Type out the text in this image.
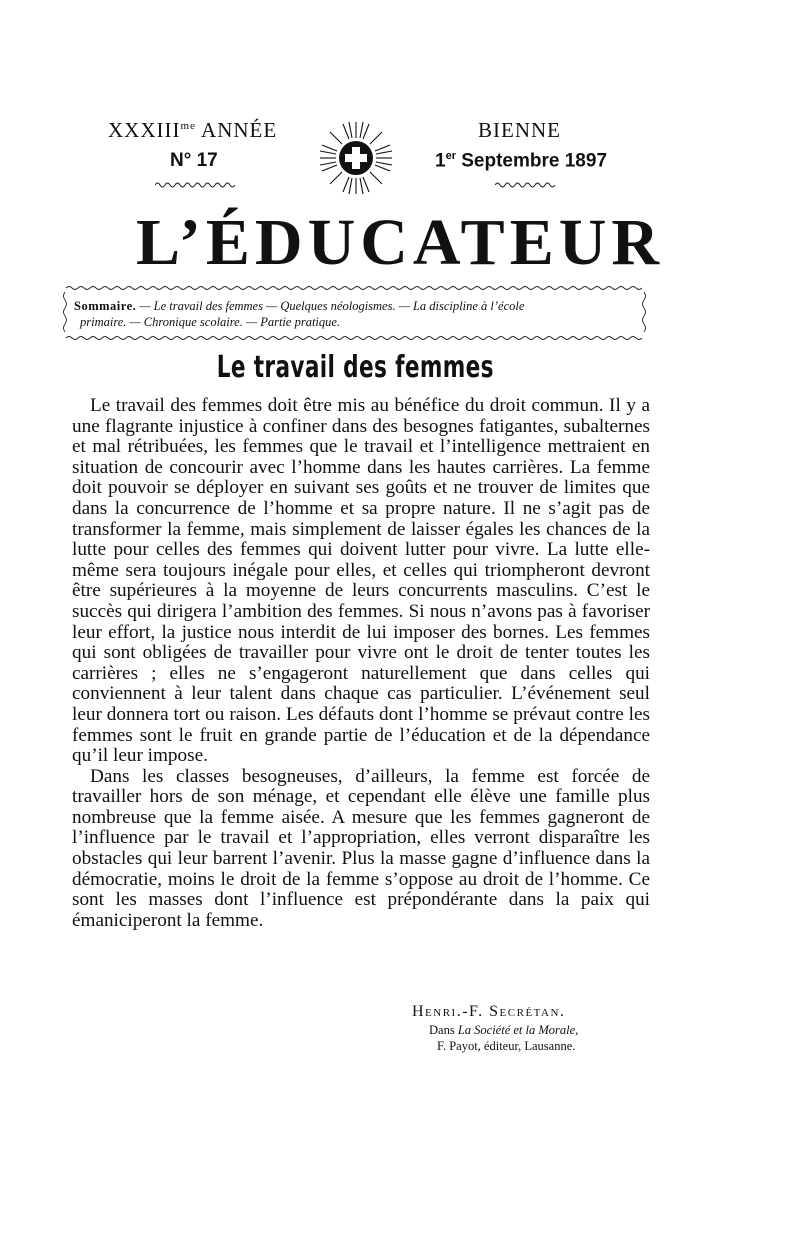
$XXXIII^{me}$ ANNÉE
N° 17
BIENNE
1er Septembre 1897
L’ÉDUCATEUR
Sommaire. — Le travail des femmes — Quelques néologismes. — La discipline à l’école
primaire. — Chronique scolaire. — Partie pratique.
Le travail des femmes

Le travail des femmes doit être mis au bénéfice du droit commun. Il y a une flagrante injustice à confiner dans des besognes fatigantes, subalternes et mal rétribuées, les femmes que le travail et l’intelligence mettraient en situation de concourir avec l’homme dans les hautes carrières. La femme doit pouvoir se déployer en suivant ses goûts et ne trouver de limites que dans la concurrence de l’homme et sa propre nature. Il ne s’agit pas de transformer la femme, mais simplement de laisser égales les chances de la lutte pour celles des femmes qui doivent lutter pour vivre. La lutte elle-même sera toujours inégale pour elles, et celles qui triompheront devront être supérieures à la moyenne de leurs concurrents masculins. C’est le succès qui dirigera l’ambition des femmes. Si nous n’avons pas à favoriser leur effort, la justice nous interdit de lui imposer des bornes. Les femmes qui sont obligées de travailler pour vivre ont le droit de tenter toutes les carrières ; elles ne s’engageront naturellement que dans celles qui conviennent à leur talent dans chaque cas particulier. L’événement seul leur donnera tort ou raison. Les défauts dont l’homme se prévaut contre les femmes sont le fruit en grande partie de l’éducation et de la dépendance qu’il leur impose.

Dans les classes besogneuses, d’ailleurs, la femme est forcée de travailler hors de son ménage, et cependant elle élève une famille plus nombreuse que la femme aisée. A mesure que les femmes gagneront de l’influence par le travail et l’appropriation, elles verront disparaître les obstacles qui leur barrent l’avenir. Plus la masse gagne d’influence dans la démocratie, moins le droit de la femme s’oppose au droit de l’homme. Ce sont les masses dont l’influence est prépondérante dans la paix qui émaniciperont la femme.

Henri.-F. Secrétan.
Dans La Société et la Morale,
F. Payot, éditeur, Lausanne.
